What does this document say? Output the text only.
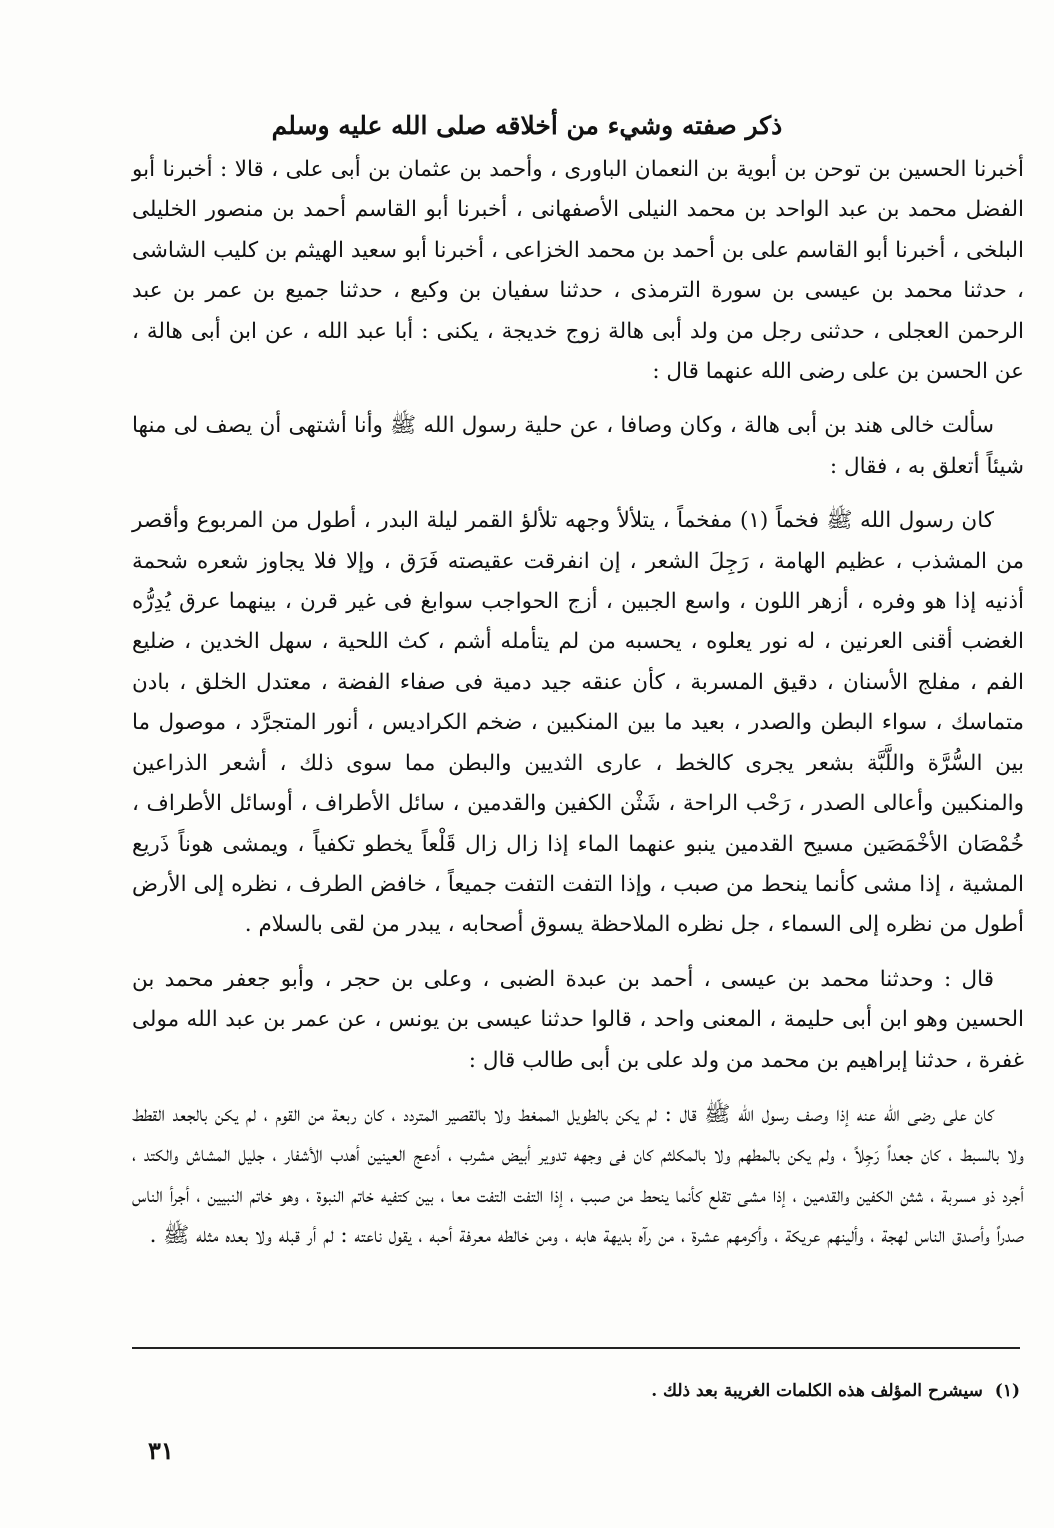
ذكر صفته وشيء من أخلاقه صلى الله عليه وسلم

أخبرنا الحسين بن توحن بن أبوية بن النعمان الباورى ، وأحمد بن عثمان بن أبى على ، قالا : أخبرنا أبو الفضل محمد بن عبد الواحد بن محمد النيلى الأصفهانى ، أخبرنا أبو القاسم أحمد بن منصور الخليلى البلخى ، أخبرنا أبو القاسم على بن أحمد بن محمد الخزاعى ، أخبرنا أبو سعيد الهيثم بن كليب الشاشى ، حدثنا محمد بن عيسى بن سورة الترمذى ، حدثنا سفيان بن وكيع ، حدثنا جميع بن عمر بن عبد الرحمن العجلى ، حدثنى رجل من ولد أبى هالة زوج خديجة ، يكنى : أبا عبد الله ، عن ابن أبى هالة ، عن الحسن بن على رضى الله عنهما قال :

سألت خالى هند بن أبى هالة ، وكان وصافا ، عن حلية رسول الله ﷺ وأنا أشتهى أن يصف لى منها شيئاً أتعلق به ، فقال :

كان رسول الله ﷺ فخماً (١) مفخماً ، يتلألأ وجهه تلألؤ القمر ليلة البدر ، أطول من المربوع وأقصر من المشذب ، عظيم الهامة ، رَجِلَ الشعر ، إن انفرقت عقيصته فَرَق ، وإلا فلا يجاوز شعره شحمة أذنيه إذا هو وفره ، أزهر اللون ، واسع الجبين ، أزج الحواجب سوابغ فى غير قرن ، بينهما عرق يُدِرُّه الغضب أقنى العرنين ، له نور يعلوه ، يحسبه من لم يتأمله أشم ، كث اللحية ، سهل الخدين ، ضليع الفم ، مفلج الأسنان ، دقيق المسربة ، كأن عنقه جيد دمية فى صفاء الفضة ، معتدل الخلق ، بادن متماسك ، سواء البطن والصدر ، بعيد ما بين المنكبين ، ضخم الكراديس ، أنور المتجرَّد ، موصول ما بين السُّرَّة واللَّبَّة بشعر يجرى كالخط ، عارى الثديين والبطن مما سوى ذلك ، أشعر الذراعين والمنكبين وأعالى الصدر ، رَحْب الراحة ، شَثْن الكفين والقدمين ، سائل الأطراف ، أوسائل الأطراف ، خُمْصَان الأخْمَصَين مسيح القدمين ينبو عنهما الماء إذا زال زال قَلْعاً يخطو تكفياً ، ويمشى هوناً ذَريع المشية ، إذا مشى كأنما ينحط من صبب ، وإذا التفت التفت جميعاً ، خافض الطرف ، نظره إلى الأرض أطول من نظره إلى السماء ، جل نظره الملاحظة يسوق أصحابه ، يبدر من لقى بالسلام .

قال : وحدثنا محمد بن عيسى ، أحمد بن عبدة الضبى ، وعلى بن حجر ، وأبو جعفر محمد بن الحسين وهو ابن أبى حليمة ، المعنى واحد ، قالوا حدثنا عيسى بن يونس ، عن عمر بن عبد الله مولى غفرة ، حدثنا إبراهيم بن محمد من ولد على بن أبى طالب قال :

كان على رضى الله عنه إذا وصف رسول الله ﷺ قال : لم يكن بالطويل الممغط ولا بالقصير المتردد ، كان ربعة من القوم ، لم يكن بالجعد القطط ولا بالسبط ، كان جعداً رَجِلاً ، ولم يكن بالمطهم ولا بالمكلثم كان فى وجهه تدوير أبيض مشرب ، أدعج العينين أهدب الأشفار ، جليل المشاش والكتد ، أجرد ذو مسربة ، شثن الكفين والقدمين ، إذا مشى تقلع كأنما ينحط من صبب ، إذا التفت التفت معا ، بين كتفيه خاتم النبوة ، وهو خاتم النبيين ، أجرأ الناس صدراً وأصدق الناس لهجة ، وألينهم عريكة ، وأكرمهم عشرة ، من رآه بديهة هابه ، ومن خالطه معرفة أحبه ، يقول ناعته : لم أر قبله ولا بعده مثله ﷺ .

(١) سيشرح المؤلف هذه الكلمات الغريبة بعد ذلك .
٣١
